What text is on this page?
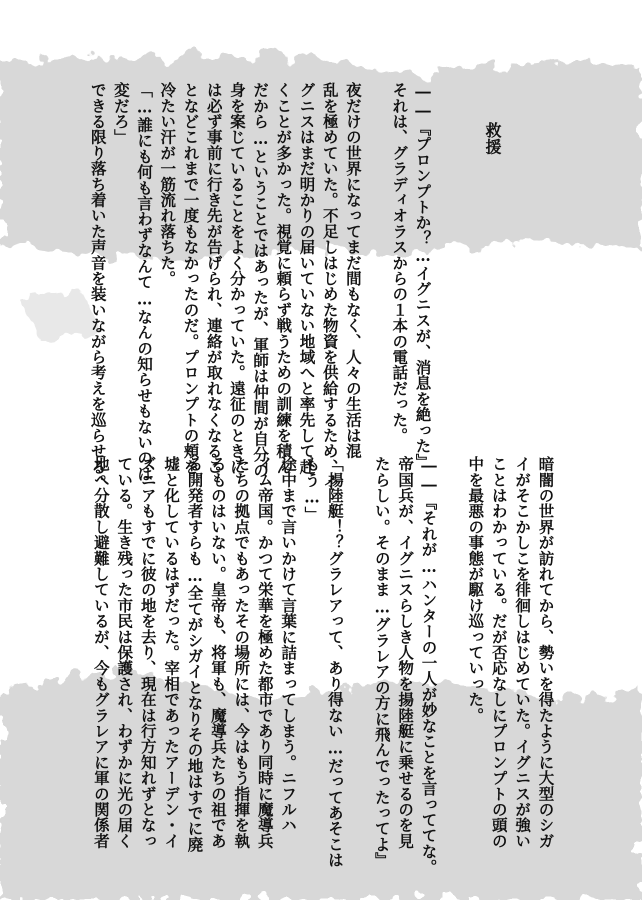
救援
――『プロンプトか？…イグニスが、消息を絶った』
それは、グラディオラスからの１本の電話だった。
夜だけの世界になってまだ間もなく、人々の生活は混
乱を極めていた。不足しはじめた物資を供給するため、イ
グニスはまだ明かりの届いていない地域へと率先して赴
くことが多かった。視覚に頼らず戦うための訓練を積ん
だから…ということではあったが、軍師は仲間が自分の
身を案じていることをよく分かっていた。遠征のときに
は必ず事前に行き先が告げられ、連絡が取れなくなるこ
となどこれまで一度もなかったのだ。プロンプトの頬を
冷たい汗が一筋流れ落ちた。
「…誰にも何も言わずなんて…なんの知らせもないのは
変だろ」
できる限り落ち着いた声音を装いながら考えを巡らせる。
暗闇の世界が訪れてから、勢いを得たように大型のシガ
イがそこかしこを徘徊しはじめていた。イグニスが強い
ことはわかっている。だが否応なしにプロンプトの頭の
中を最悪の事態が駆け巡っていった。
――『それが…ハンターの一人が妙なことを言っててな。
帝国兵が、イグニスらしき人物を揚陸艇に乗せるのを見
たらしい。そのまま…グラレアの方に飛んでったってよ』
「揚陸艇！？グラレアって、あり得ない…だってあそこは
もう…」
途中まで言いかけて言葉に詰まってしまう。ニフルハ
イム帝国。かつて栄華を極めた都市であり同時に魔導兵
たちの拠点でもあったその場所には、今はもう指揮を執
るものはいない。皇帝も、将軍も、魔導兵たちの祖であ
る開発者すらも…全てがシガイとなりその地はすでに廃
墟と化しているはずだった。宰相であったアーデン・イ
ズニアもすでに彼の地を去り、現在は行方知れずとなっ
ている。生き残った市民は保護され、わずかに光の届く
地へ分散し避難しているが、今もグラレアに軍の関係者
